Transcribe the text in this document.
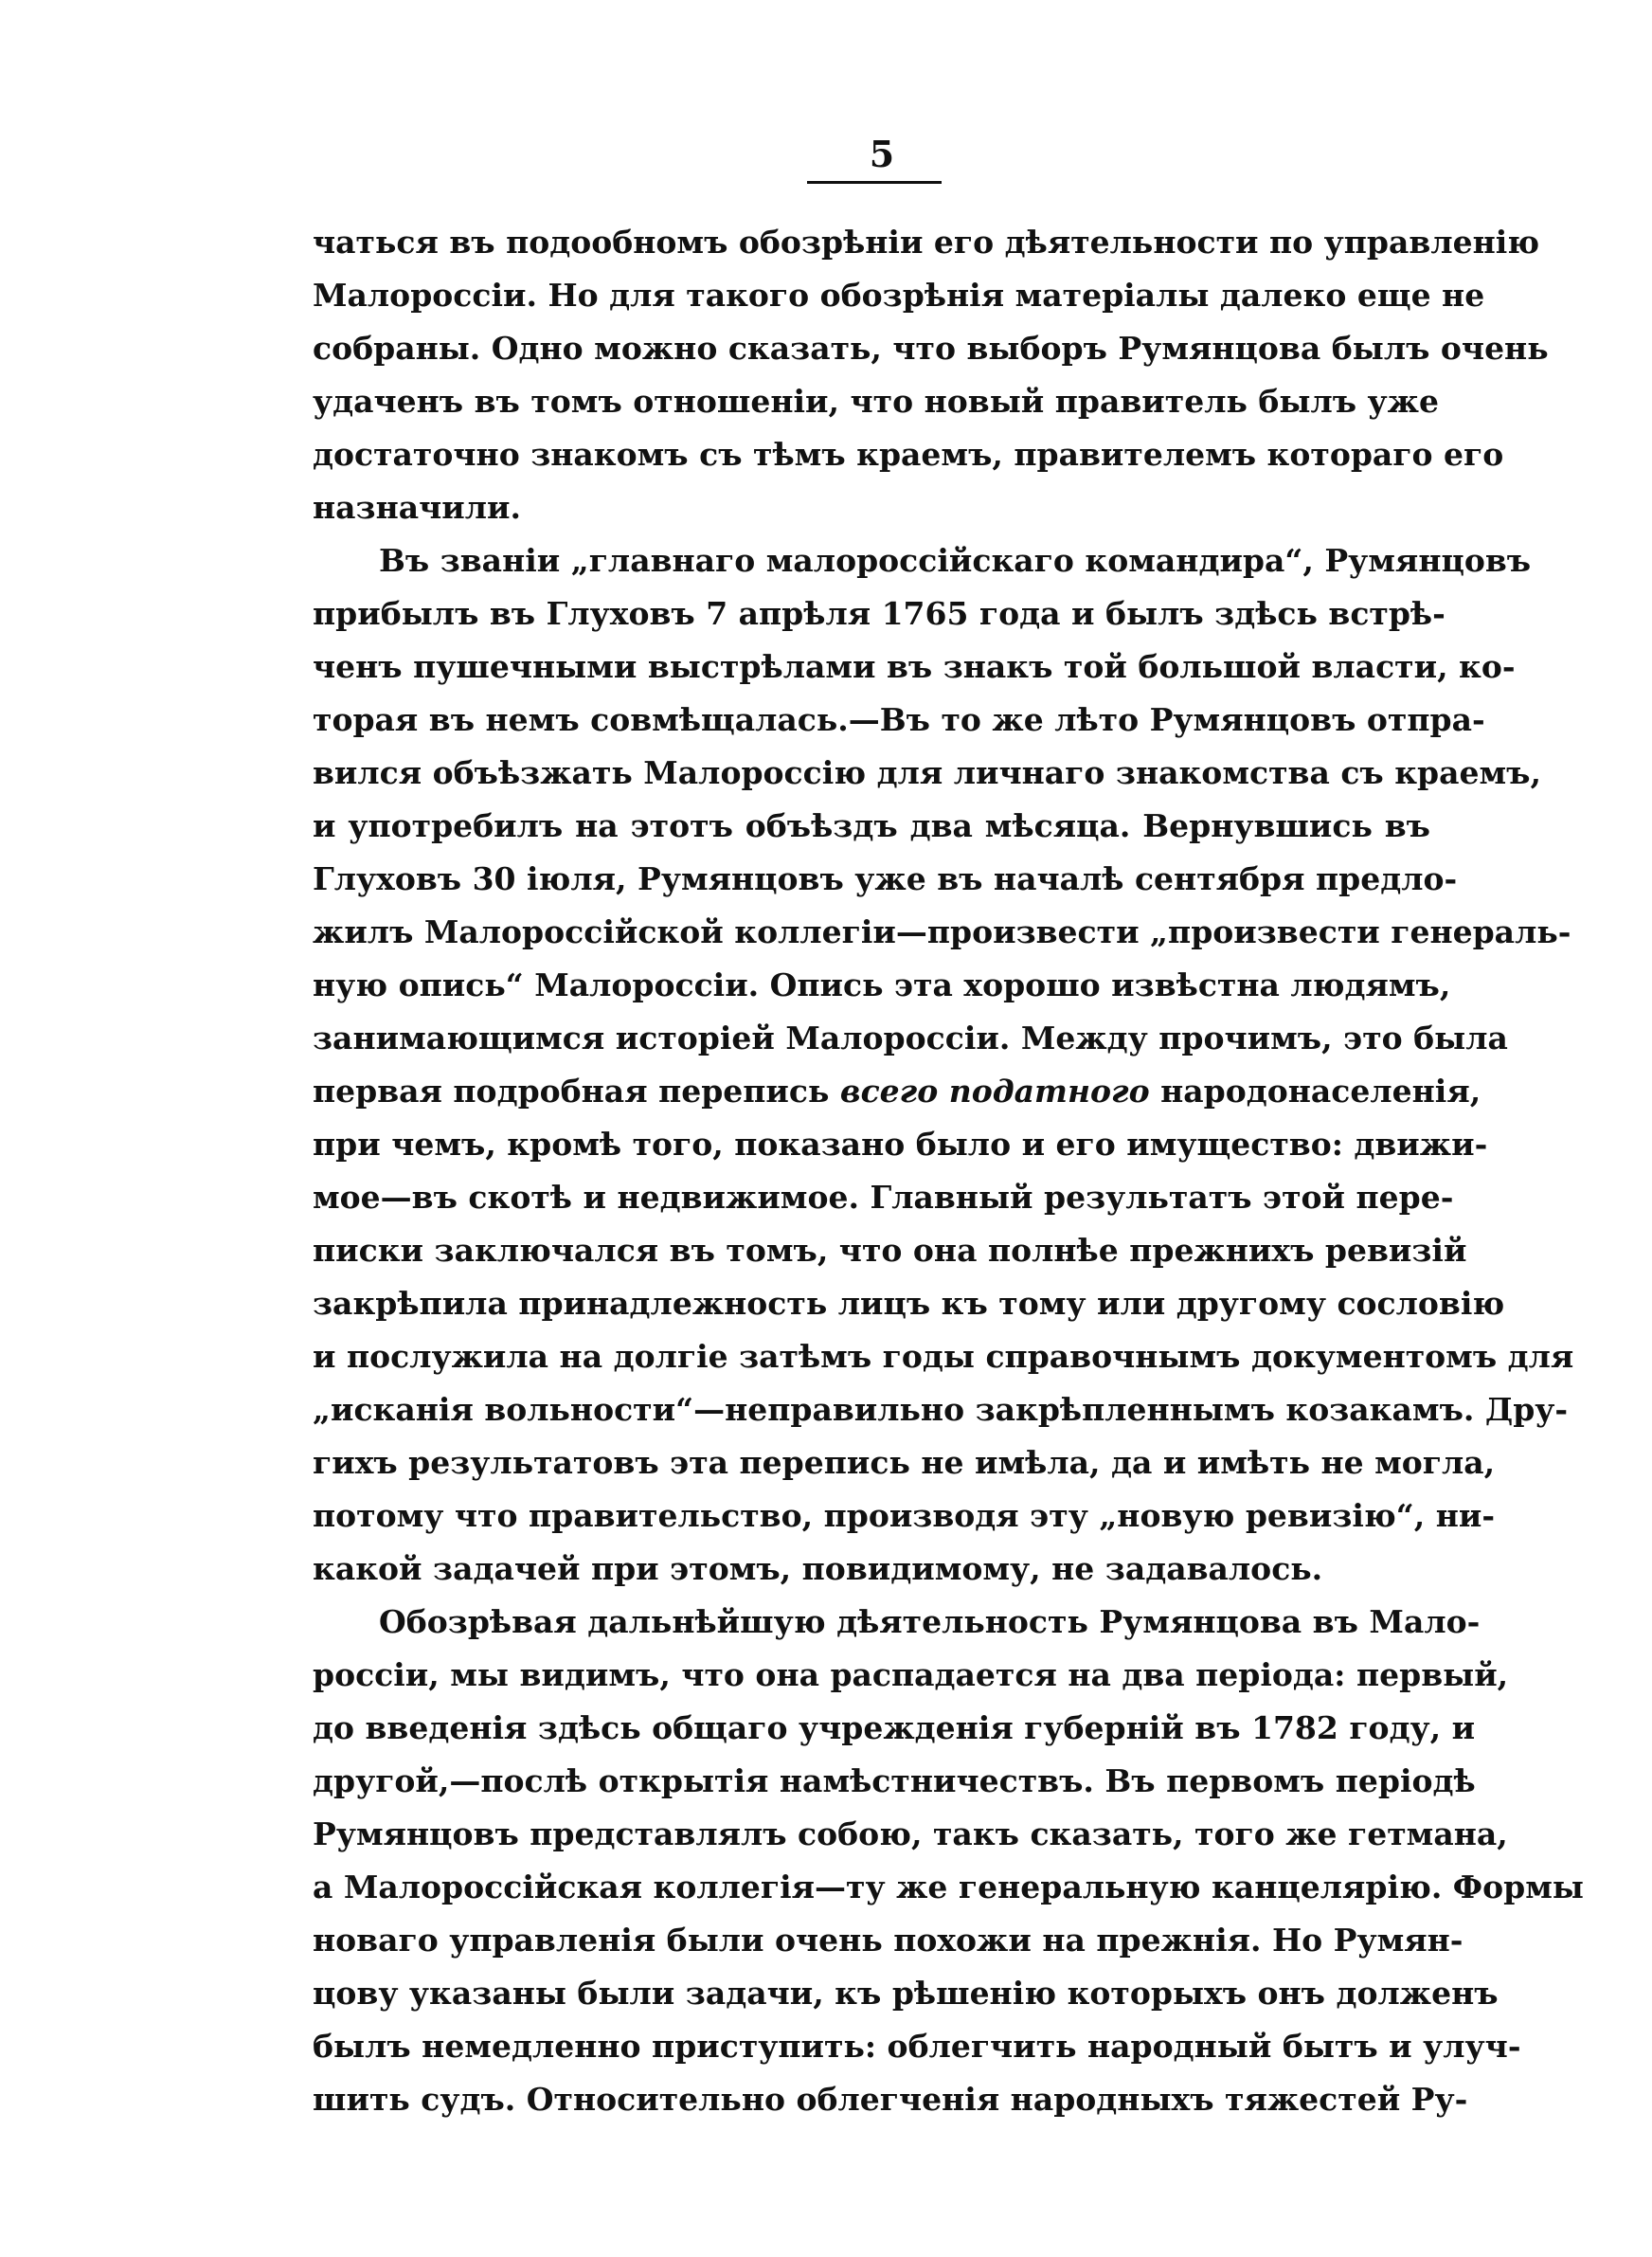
5
чаться въ подообномъ обозрѣніи его дѣятельности по управленію
Малороссіи. Но для такого обозрѣнія матеріалы далеко еще не
собраны. Одно можно сказать, что выборъ Румянцова былъ очень
удаченъ въ томъ отношеніи, что новый правитель былъ уже
достаточно знакомъ съ тѣмъ краемъ, правителемъ котораго его
назначили.
Въ званіи „главнаго малороссійскаго командира“, Румянцовъ
прибылъ въ Глуховъ 7 апрѣля 1765 года и былъ здѣсь встрѣ-
ченъ пушечными выстрѣлами въ знакъ той большой власти, ко-
торая въ немъ совмѣщалась.—Въ то же лѣто Румянцовъ отпра-
вился объѣзжать Малороссію для личнаго знакомства съ краемъ,
и употребилъ на этотъ объѣздъ два мѣсяца. Вернувшись въ
Глуховъ 30 іюля, Румянцовъ уже въ началѣ сентября предло-
жилъ Малороссійской коллегіи—произвести „произвести генераль-
ную опись“ Малороссіи. Опись эта хорошо извѣстна людямъ,
занимающимся исторіей Малороссіи. Между прочимъ, это была
первая подробная перепись всего податного народонаселенія,
при чемъ, кромѣ того, показано было и его имущество: движи-
мое—въ скотѣ и недвижимое. Главный результатъ этой пере-
писки заключался въ томъ, что она полнѣе прежнихъ ревизій
закрѣпила принадлежность лицъ къ тому или другому сословію
и послужила на долгіе затѣмъ годы справочнымъ документомъ для
„исканія вольности“—неправильно закрѣпленнымъ козакамъ. Дру-
гихъ результатовъ эта перепись не имѣла, да и имѣть не могла,
потому что правительство, производя эту „новую ревизію“, ни-
какой задачей при этомъ, повидимому, не задавалось.
Обозрѣвая дальнѣйшую дѣятельность Румянцова въ Мало-
россіи, мы видимъ, что она распадается на два періода: первый,
до введенія здѣсь общаго учрежденія губерній въ 1782 году, и
другой,—послѣ открытія намѣстничествъ. Въ первомъ періодѣ
Румянцовъ представлялъ собою, такъ сказать, того же гетмана,
а Малороссійская коллегія—ту же генеральную канцелярію. Формы
новаго управленія были очень похожи на прежнія. Но Румян-
цову указаны были задачи, къ рѣшенію которыхъ онъ долженъ
былъ немедленно приступить: облегчить народный бытъ и улуч-
шить судъ. Относительно облегченія народныхъ тяжестей Ру-
